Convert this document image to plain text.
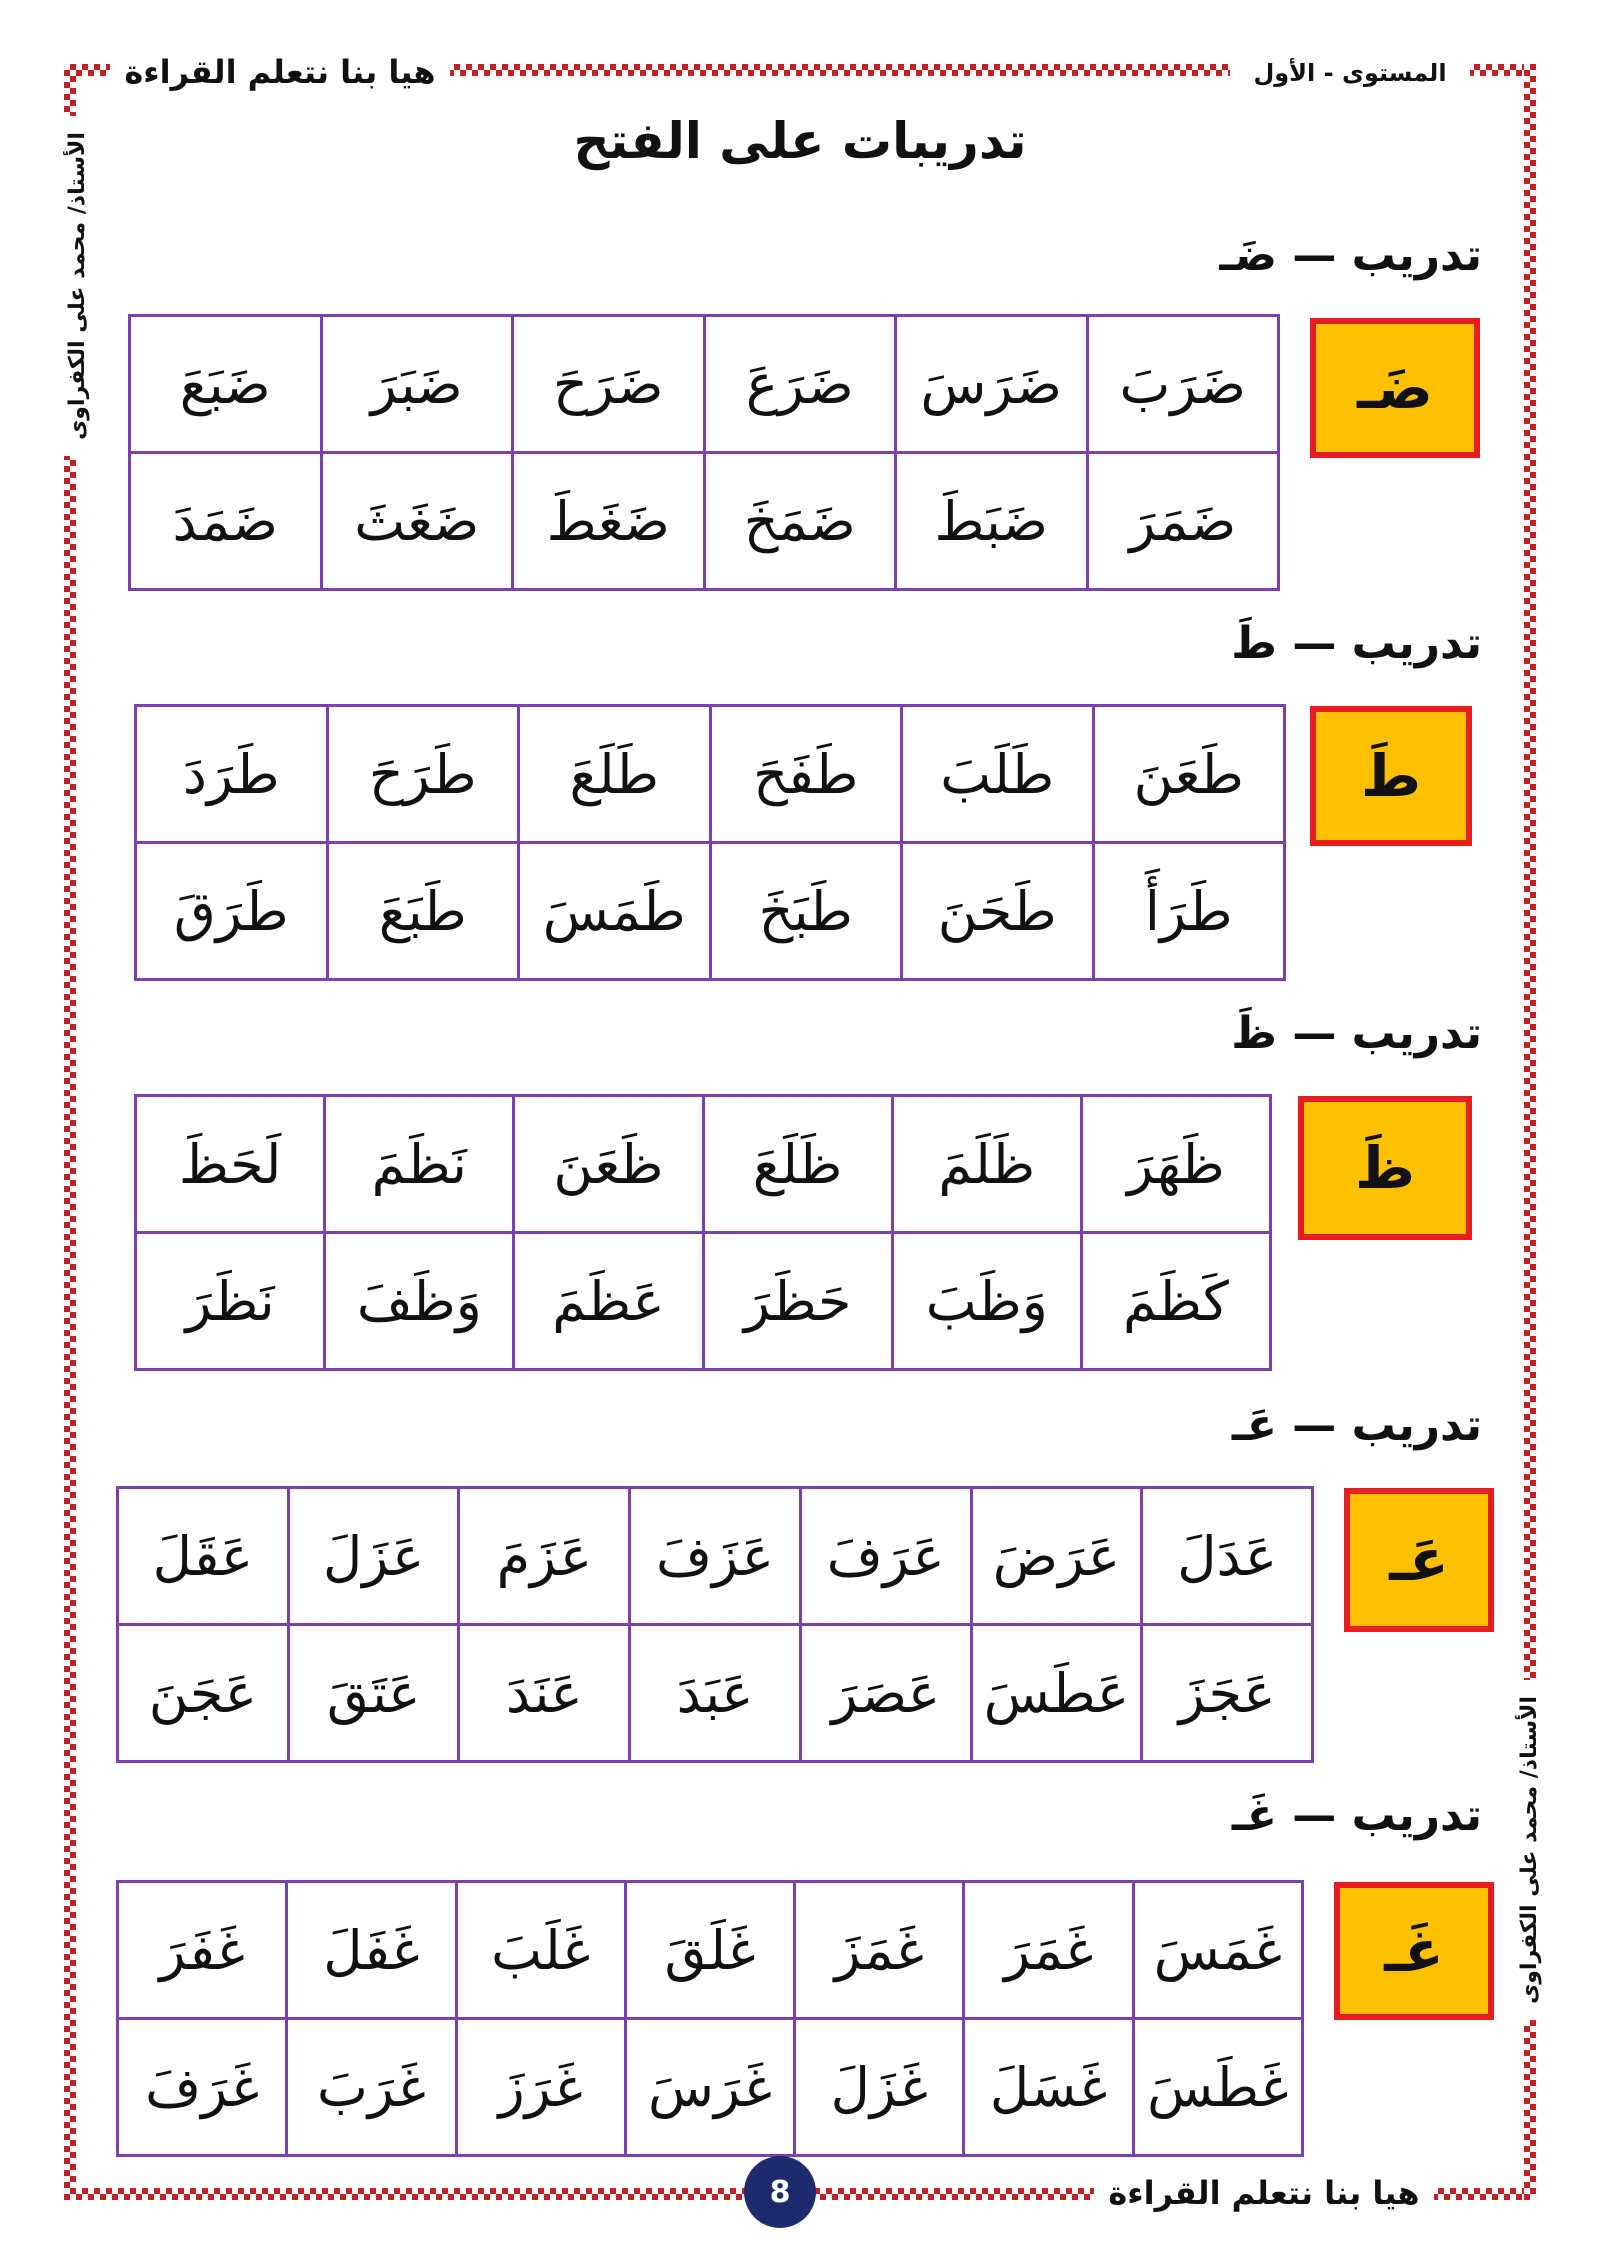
هيا بنا نتعلم القراءة	المستوى - الأول
الأستاذ/ محمد على الكفراوى
الأستاذ/ محمد على الكفراوى
تدريبات على الفتح
تدريب — ضَـ
ضَـ
ضَرَبَ	ضَرَسَ	ضَرَعَ	ضَرَحَ	ضَبَرَ	ضَبَعَ
ضَمَرَ	ضَبَطَ	ضَمَخَ	ضَغَطَ	ضَغَثَ	ضَمَدَ
تدريب — طَ
طَ
طَعَنَ	طَلَبَ	طَفَحَ	طَلَعَ	طَرَحَ	طَرَدَ
طَرَأَ	طَحَنَ	طَبَخَ	طَمَسَ	طَبَعَ	طَرَقَ
تدريب — ظَ
ظَ
ظَهَرَ	ظَلَمَ	ظَلَعَ	ظَعَنَ	نَظَمَ	لَحَظَ
كَظَمَ	وَظَبَ	حَظَرَ	عَظَمَ	وَظَفَ	نَظَرَ
تدريب — عَـ
عَـ
عَدَلَ	عَرَضَ	عَرَفَ	عَزَفَ	عَزَمَ	عَزَلَ	عَقَلَ
عَجَزَ	عَطَسَ	عَصَرَ	عَبَدَ	عَنَدَ	عَتَقَ	عَجَنَ
تدريب — غَـ
غَـ
غَمَسَ	غَمَرَ	غَمَزَ	غَلَقَ	غَلَبَ	غَفَلَ	غَفَرَ
غَطَسَ	غَسَلَ	غَزَلَ	غَرَسَ	غَرَزَ	غَرَبَ	غَرَفَ
هيا بنا نتعلم القراءة
8
